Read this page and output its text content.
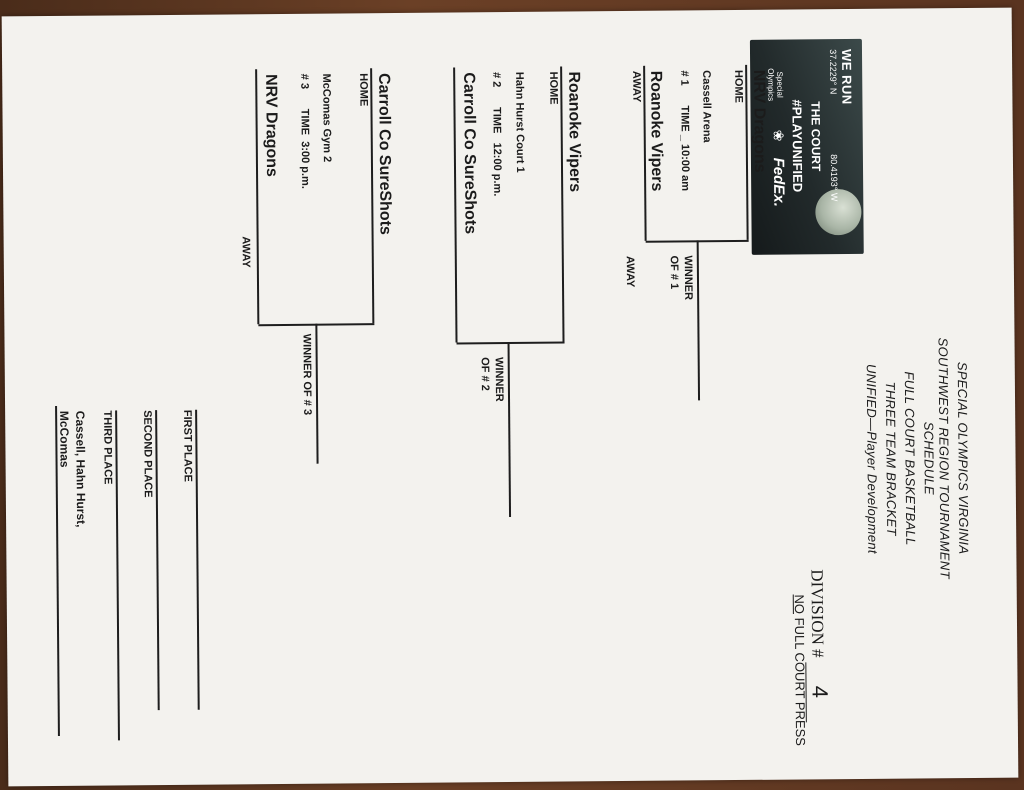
WE RUN
37.2229° N
80.4193° W
THE COURT
#PLAYUNIFIED
Special Olympics
❀
FedEx.
SPECIAL OLYMPICS VIRGINIA
SOUTHWEST REGION TOURNAMENT SCHEDULE
FULL COURT BASKETBALL
THREE TEAM BRACKET
UNIFIED—Player Development
DIVISION # 4
NO FULL COURT PRESS
NRV Dragons
HOME
Cassell Arena
# 1
TIME _ 10:00 am
Roanoke Vipers
AWAY
WINNER
OF # 1
AWAY
Roanoke Vipers
HOME
Hahn Hurst Court 1
# 2
TIME   12:00 p.m.
Carroll Co SureShots
WINNER
OF # 2
Carroll Co SureShots
HOME
McComas Gym 2
# 3
TIME  3:00 p.m.
NRV Dragons
AWAY
WINNER OF # 3
FIRST PLACE
SECOND PLACE
THIRD PLACE
Cassell, Hahn Hurst,
McComas
